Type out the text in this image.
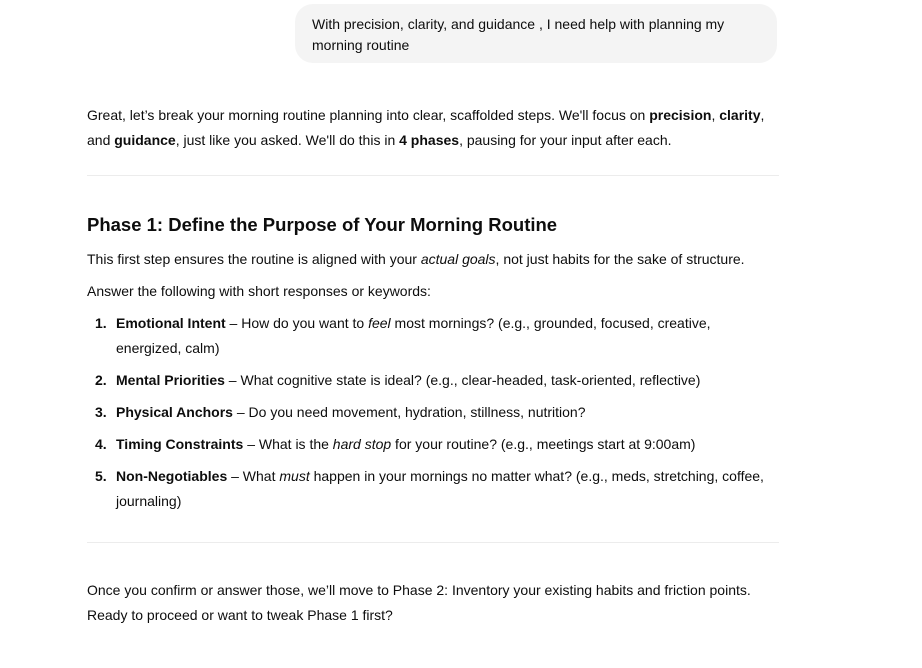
With precision, clarity, and guidance , I need help with planning my morning routine

Great, let’s break your morning routine planning into clear, scaffolded steps. We'll focus on precision, clarity, and guidance, just like you asked. We'll do this in 4 phases, pausing for your input after each.

Phase 1: Define the Purpose of Your Morning Routine

This first step ensures the routine is aligned with your actual goals, not just habits for the sake of structure.

Answer the following with short responses or keywords:

1. Emotional Intent – How do you want to feel most mornings? (e.g., grounded, focused, creative, energized, calm)
2. Mental Priorities – What cognitive state is ideal? (e.g., clear-headed, task-oriented, reflective)
3. Physical Anchors – Do you need movement, hydration, stillness, nutrition?
4. Timing Constraints – What is the hard stop for your routine? (e.g., meetings start at 9:00am)
5. Non-Negotiables – What must happen in your mornings no matter what? (e.g., meds, stretching, coffee, journaling)

Once you confirm or answer those, we’ll move to Phase 2: Inventory your existing habits and friction points. Ready to proceed or want to tweak Phase 1 first?
